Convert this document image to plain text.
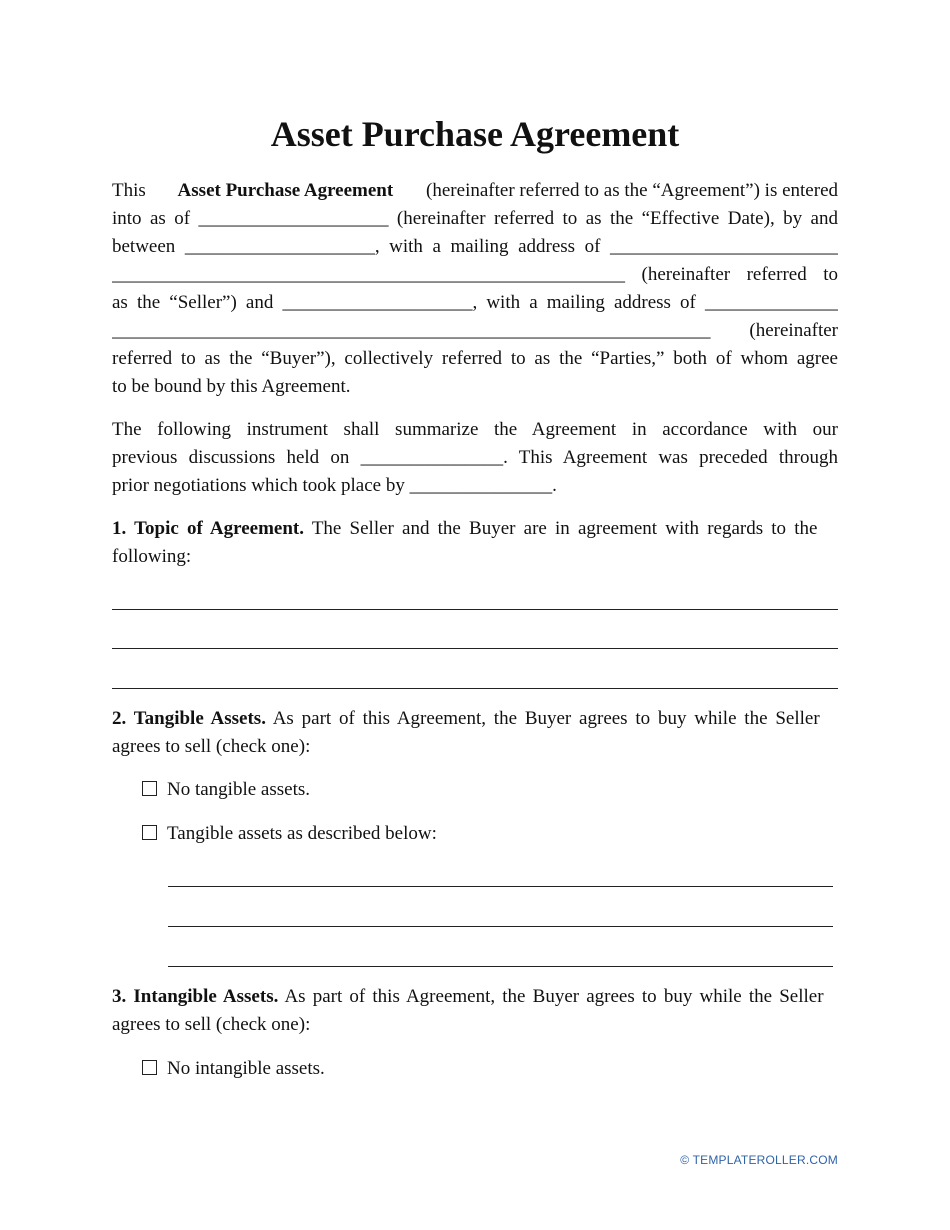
Asset Purchase Agreement
This Asset Purchase Agreement (hereinafter referred to as the “Agreement”) is entered
into as of ____________________ (hereinafter referred to as the “Effective Date), by and
between ____________________, with a mailing address of ________________________
______________________________________________________ (hereinafter referred to
as the “Seller”) and ____________________, with a mailing address of ______________
_______________________________________________________________ (hereinafter
referred to as the “Buyer”), collectively referred to as the “Parties,” both of whom agree
to be bound by this Agreement.
The following instrument shall summarize the Agreement in accordance with our
previous discussions held on _______________. This Agreement was preceded through
prior negotiations which took place by _______________.
1. Topic of Agreement. The Seller and the Buyer are in agreement with regards to the
following:
2. Tangible Assets. As part of this Agreement, the Buyer agrees to buy while the Seller
agrees to sell (check one):
No tangible assets.
Tangible assets as described below:
3. Intangible Assets. As part of this Agreement, the Buyer agrees to buy while the Seller
agrees to sell (check one):
No intangible assets.
© TEMPLATEROLLER.COM
